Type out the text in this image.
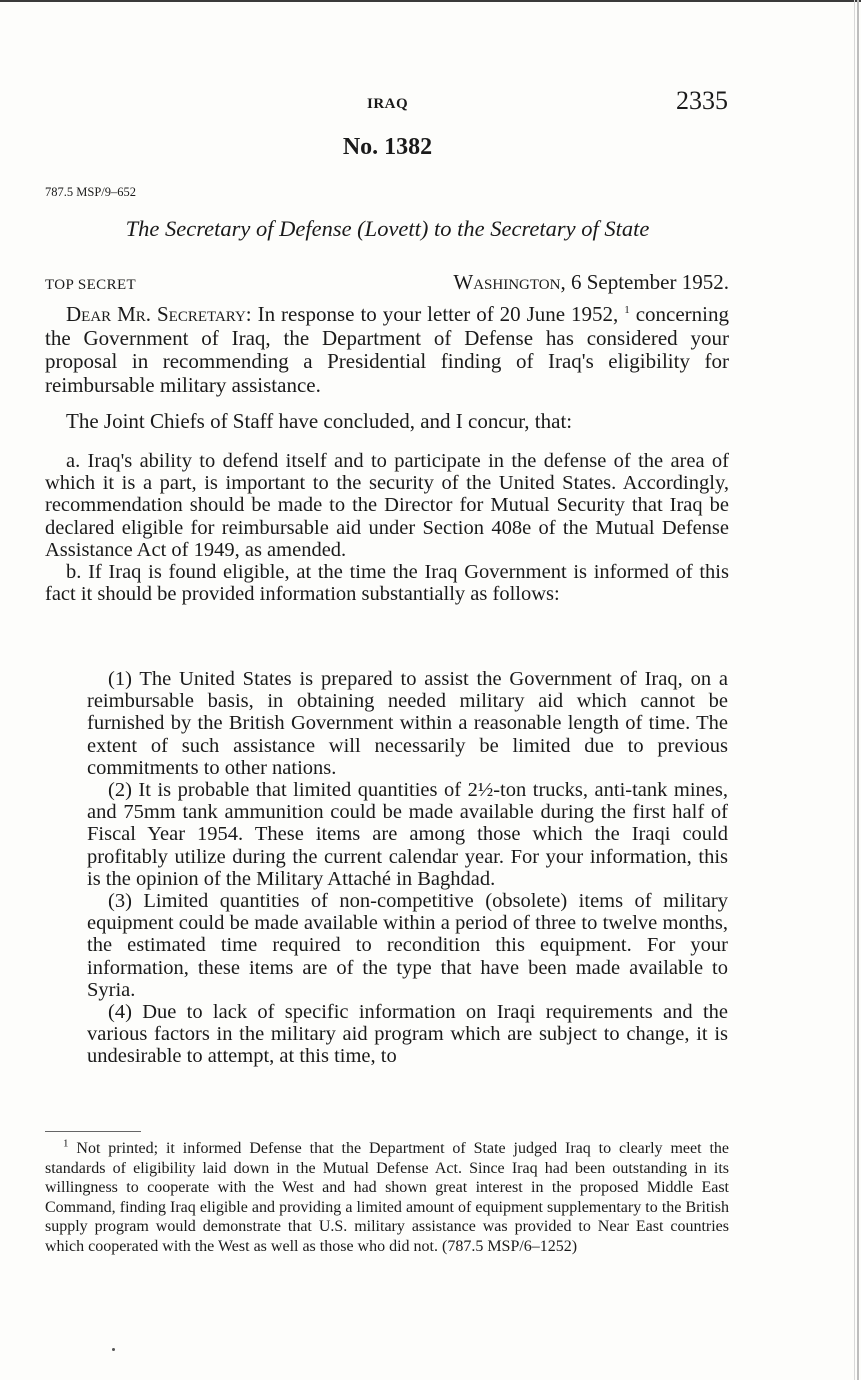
IRAQ	2335
No. 1382
787.5 MSP/9–652
The Secretary of Defense (Lovett) to the Secretary of State
TOP SECRET	Washington, 6 September 1952.

Dear Mr. Secretary: In response to your letter of 20 June 1952, $^1$ concerning the Government of Iraq, the Department of Defense has considered your proposal in recommending a Presidential finding of Iraq's eligibility for reimbursable military assistance.

The Joint Chiefs of Staff have concluded, and I concur, that:

a. Iraq's ability to defend itself and to participate in the defense of the area of which it is a part, is important to the security of the United States. Accordingly, recommendation should be made to the Director for Mutual Security that Iraq be declared eligible for reimbursable aid under Section 408e of the Mutual Defense Assistance Act of 1949, as amended.

b. If Iraq is found eligible, at the time the Iraq Government is informed of this fact it should be provided information substantially as follows:

(1) The United States is prepared to assist the Government of Iraq, on a reimbursable basis, in obtaining needed military aid which cannot be furnished by the British Government within a reasonable length of time. The extent of such assistance will necessarily be limited due to previous commitments to other nations.

(2) It is probable that limited quantities of 2½-ton trucks, anti-tank mines, and 75mm tank ammunition could be made available during the first half of Fiscal Year 1954. These items are among those which the Iraqi could profitably utilize during the current calendar year. For your information, this is the opinion of the Military Attaché in Baghdad.

(3) Limited quantities of non-competitive (obsolete) items of military equipment could be made available within a period of three to twelve months, the estimated time required to recondition this equipment. For your information, these items are of the type that have been made available to Syria.

(4) Due to lack of specific information on Iraqi requirements and the various factors in the military aid program which are subject to change, it is undesirable to attempt, at this time, to

$^1$ Not printed; it informed Defense that the Department of State judged Iraq to clearly meet the standards of eligibility laid down in the Mutual Defense Act. Since Iraq had been outstanding in its willingness to cooperate with the West and had shown great interest in the proposed Middle East Command, finding Iraq eligible and providing a limited amount of equipment supplementary to the British supply program would demonstrate that U.S. military assistance was provided to Near East countries which cooperated with the West as well as those who did not. (787.5 MSP/6–1252)
